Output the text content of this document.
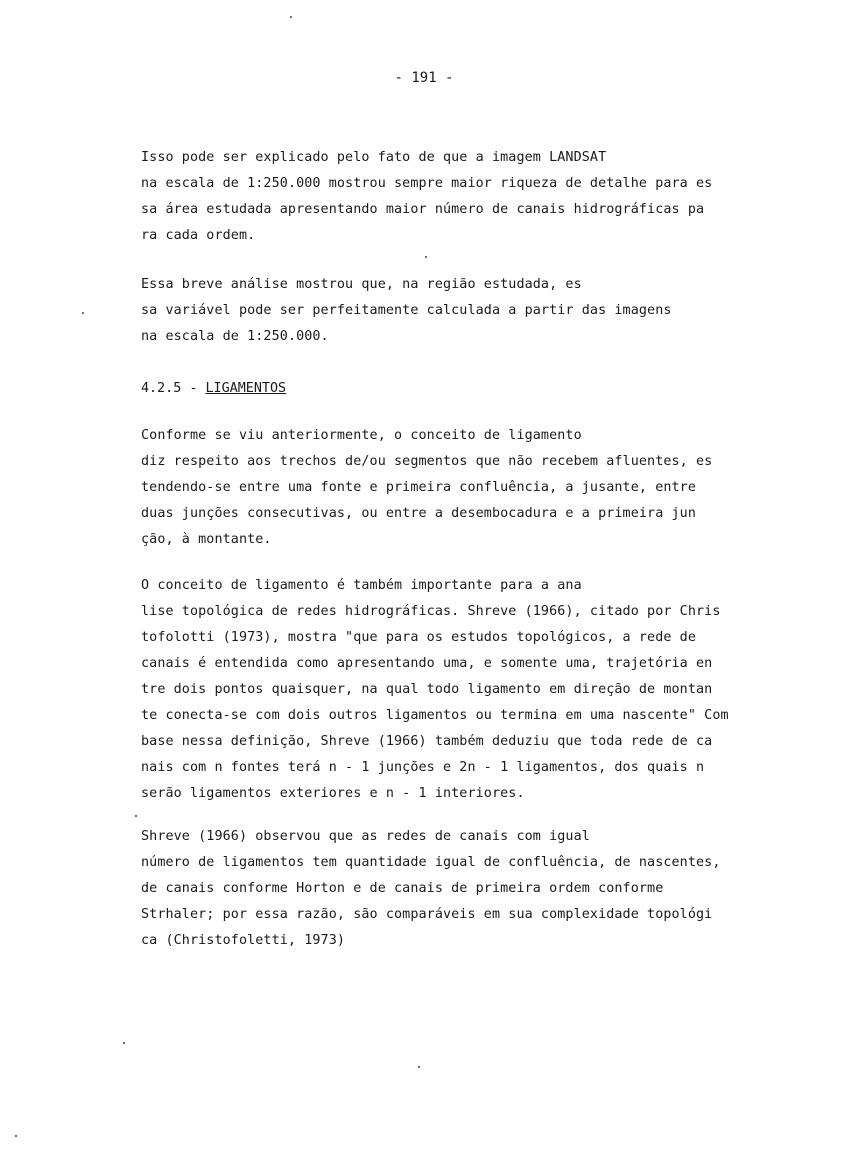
- 191 -
Isso pode ser explicado pelo fato de que a imagem LANDSAT
na escala de 1:250.000 mostrou sempre maior riqueza de detalhe para es
sa área estudada apresentando maior número de canais hidrográficas pa
ra cada ordem.
Essa breve análise mostrou que, na região estudada, es
sa variável pode ser perfeitamente calculada a partir das imagens
na escala de 1:250.000.
4.2.5 - LIGAMENTOS
Conforme se viu anteriormente, o conceito de ligamento
diz respeito aos trechos de/ou segmentos que não recebem afluentes, es
tendendo-se entre uma fonte e primeira confluência, a jusante, entre
duas junções consecutivas, ou entre a desembocadura e a primeira jun
ção, à montante.
O conceito de ligamento é também importante para a ana
lise topológica de redes hidrográficas. Shreve (1966), citado por Chris
tofolotti (1973), mostra "que para os estudos topológicos, a rede de
canais é entendida como apresentando uma, e somente uma, trajetória en
tre dois pontos quaisquer, na qual todo ligamento em direção de montan
te conecta-se com dois outros ligamentos ou termina em uma nascente" Com
base nessa definição, Shreve (1966) também deduziu que toda rede de ca
nais com n fontes terá n - 1 junções e 2n - 1 ligamentos, dos quais n
serão ligamentos exteriores e n - 1 interiores.
Shreve (1966) observou que as redes de canais com igual
número de ligamentos tem quantidade igual de confluência, de nascentes,
de canais conforme Horton e de canais de primeira ordem conforme
Strhaler; por essa razão, são comparáveis em sua complexidade topológi
ca (Christofoletti, 1973)
